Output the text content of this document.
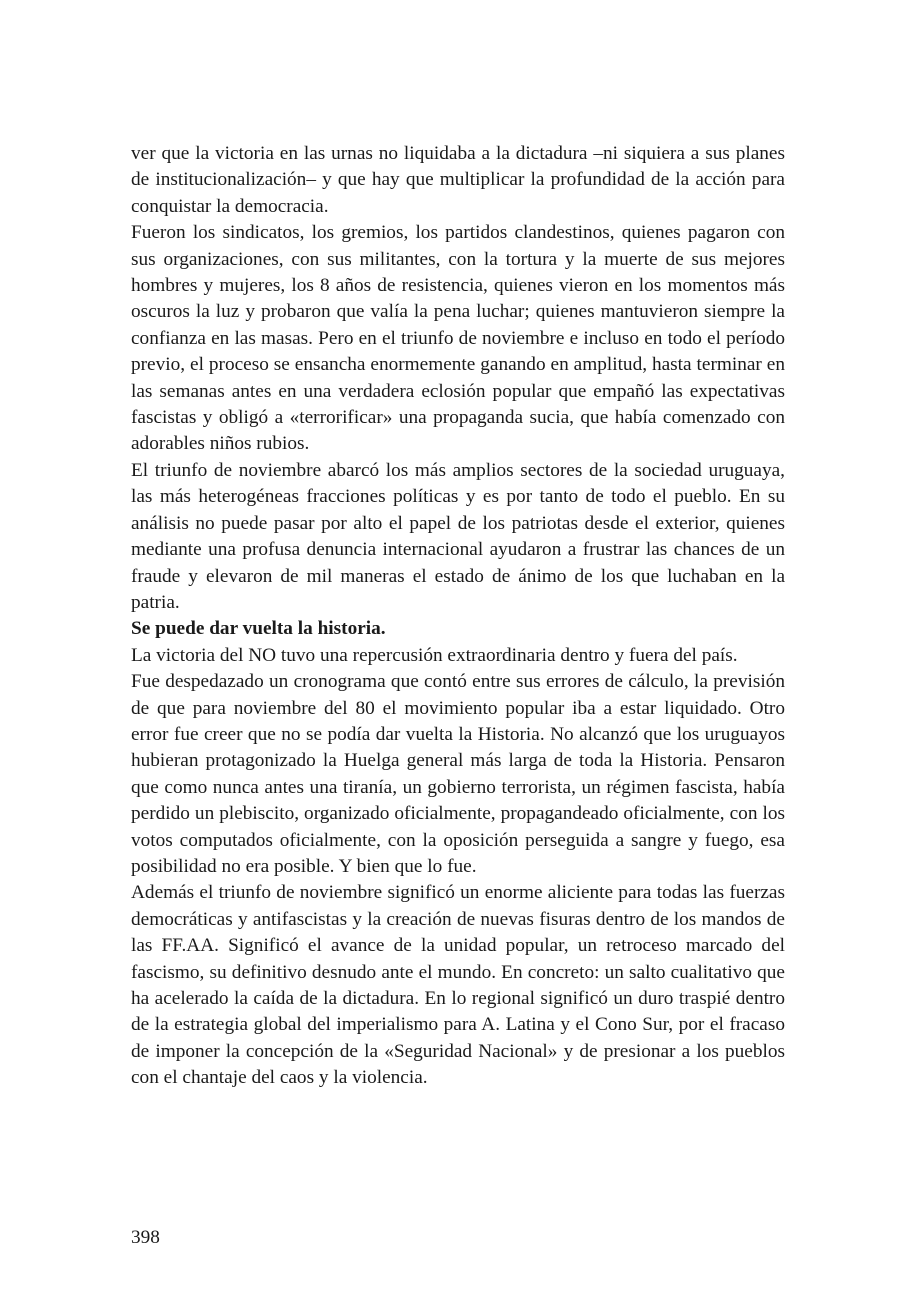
ver que la victoria en las urnas no liquidaba a la dictadura –ni siquiera a sus planes de institucionalización– y que hay que multiplicar la profundidad de la acción para conquistar la democracia.

Fueron los sindicatos, los gremios, los partidos clandestinos, quienes pagaron con sus organizaciones, con sus militantes, con la tortura y la muerte de sus mejores hombres y mujeres, los 8 años de resistencia, quienes vieron en los momentos más oscuros la luz y probaron que valía la pena luchar; quienes mantuvieron siempre la confianza en las masas. Pero en el triunfo de noviembre e incluso en todo el período previo, el proceso se ensancha enormemente ganando en amplitud, hasta terminar en las semanas antes en una verdadera eclosión popular que empañó las expectativas fascistas y obligó a «terrorificar» una propaganda sucia, que había comenzado con adorables niños rubios.

El triunfo de noviembre abarcó los más amplios sectores de la sociedad uruguaya, las más heterogéneas fracciones políticas y es por tanto de todo el pueblo. En su análisis no puede pasar por alto el papel de los patriotas desde el exterior, quienes mediante una profusa denuncia internacional ayudaron a frustrar las chances de un fraude y elevaron de mil maneras el estado de ánimo de los que luchaban en la patria.

Se puede dar vuelta la historia.

La victoria del NO tuvo una repercusión extraordinaria dentro y fuera del país.

Fue despedazado un cronograma que contó entre sus errores de cálculo, la previsión de que para noviembre del 80 el movimiento popular iba a estar liquidado. Otro error fue creer que no se podía dar vuelta la Historia. No alcanzó que los uruguayos hubieran protagonizado la Huelga general más larga de toda la Historia. Pensaron que como nunca antes una tiranía, un gobierno terrorista, un régimen fascista, había perdido un plebiscito, organizado oficialmente, propagandeado oficialmente, con los votos computados oficialmente, con la oposición perseguida a sangre y fuego, esa posibilidad no era posible. Y bien que lo fue.

Además el triunfo de noviembre significó un enorme aliciente para todas las fuerzas democráticas y antifascistas y la creación de nuevas fisuras dentro de los mandos de las FF.AA. Significó el avance de la unidad popular, un retroceso marcado del fascismo, su definitivo desnudo ante el mundo. En concreto: un salto cualitativo que ha acelerado la caída de la dictadura. En lo regional significó un duro traspié dentro de la estrategia global del imperialismo para A. Latina y el Cono Sur, por el fracaso de imponer la concepción de la «Seguridad Nacional» y de presionar a los pueblos con el chantaje del caos y la violencia.

398
